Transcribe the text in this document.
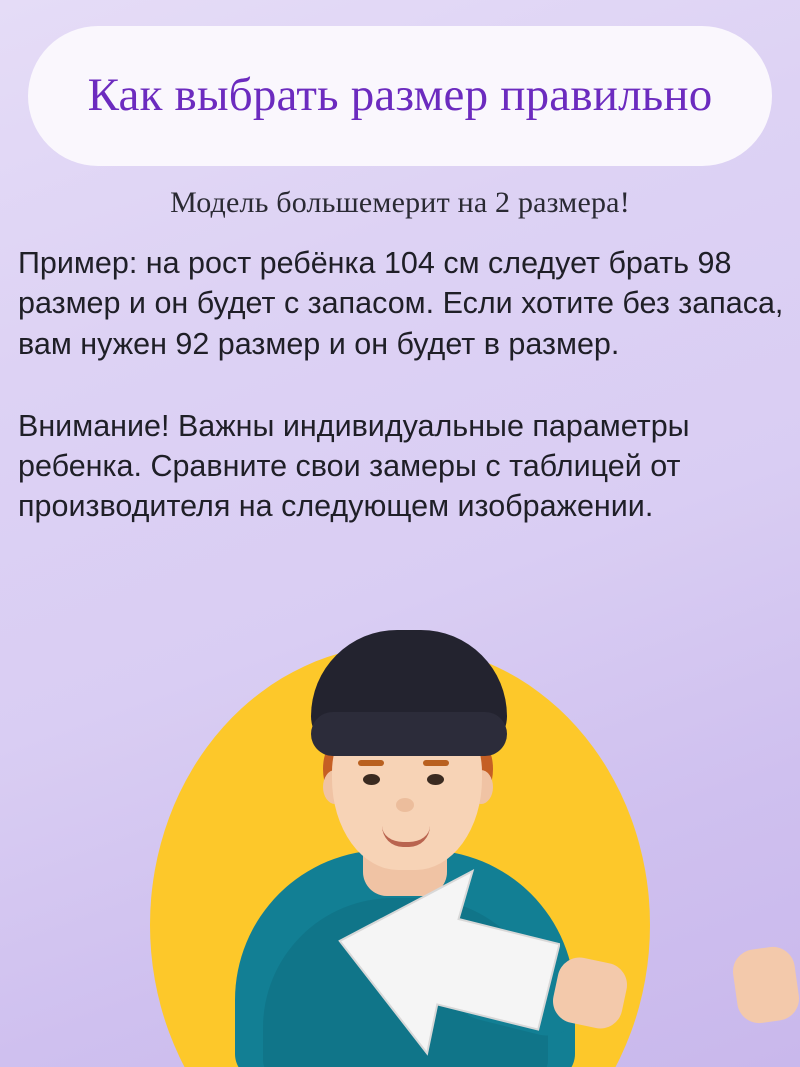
Как выбрать размер правильно
Модель большемерит на 2 размера!

Пример: на рост ребёнка 104 см следует брать 98 размер и он будет с запасом. Если хотите без запаса, вам нужен 92 размер и он будет в размер.

Внимание! Важны индивидуальные параметры ребенка. Сравните свои замеры с таблицей от производителя на следующем изображении.
